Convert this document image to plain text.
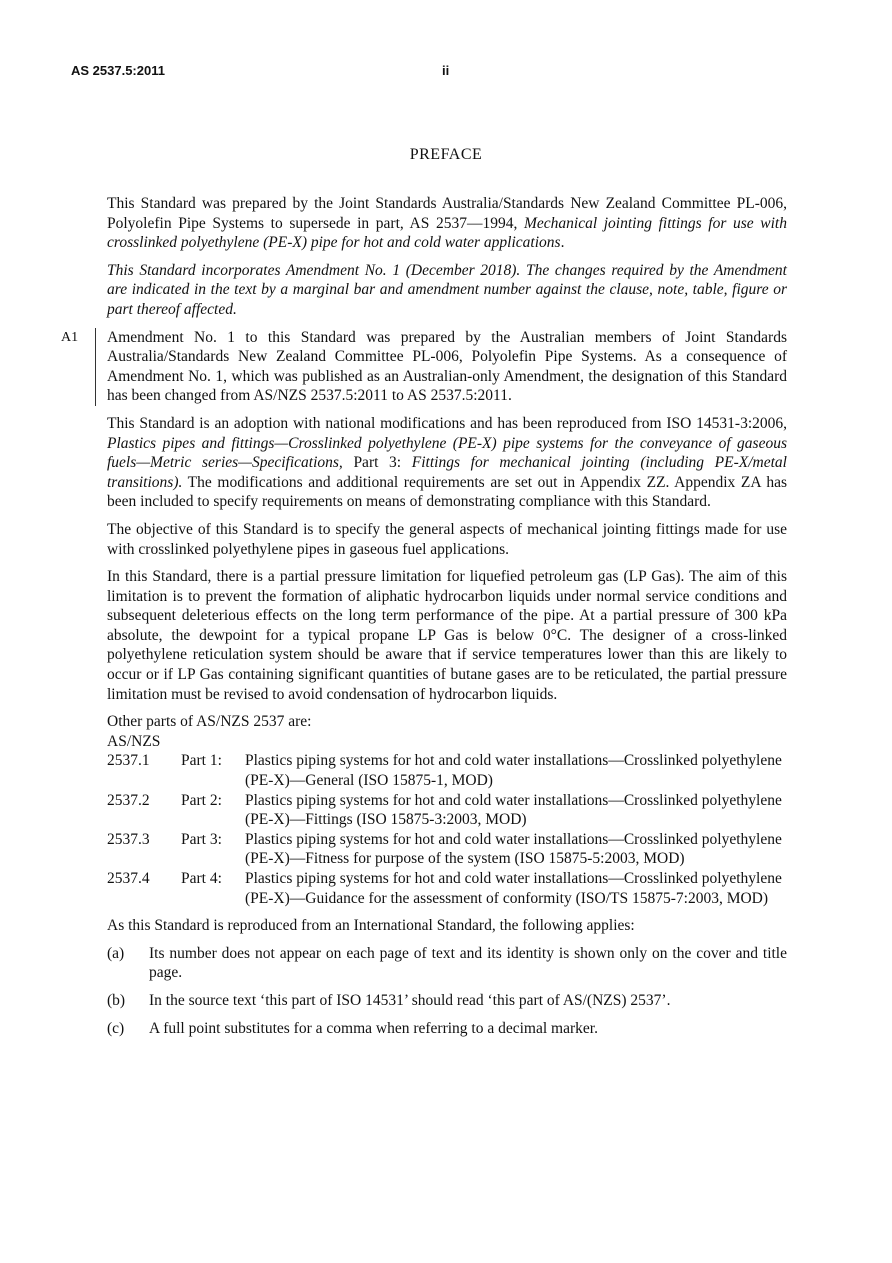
AS 2537.5:2011	ii
PREFACE

This Standard was prepared by the Joint Standards Australia/Standards New Zealand Committee PL-006, Polyolefin Pipe Systems to supersede in part, AS 2537—1994, Mechanical jointing fittings for use with crosslinked polyethylene (PE-X) pipe for hot and cold water applications.

This Standard incorporates Amendment No. 1 (December 2018). The changes required by the Amendment are indicated in the text by a marginal bar and amendment number against the clause, note, table, figure or part thereof affected.

A1 Amendment No. 1 to this Standard was prepared by the Australian members of Joint Standards Australia/Standards New Zealand Committee PL-006, Polyolefin Pipe Systems. As a consequence of Amendment No. 1, which was published as an Australian-only Amendment, the designation of this Standard has been changed from AS/NZS 2537.5:2011 to AS 2537.5:2011.

This Standard is an adoption with national modifications and has been reproduced from ISO 14531-3:2006, Plastics pipes and fittings—Crosslinked polyethylene (PE-X) pipe systems for the conveyance of gaseous fuels—Metric series—Specifications, Part 3: Fittings for mechanical jointing (including PE-X/metal transitions). The modifications and additional requirements are set out in Appendix ZZ. Appendix ZA has been included to specify requirements on means of demonstrating compliance with this Standard.

The objective of this Standard is to specify the general aspects of mechanical jointing fittings made for use with crosslinked polyethylene pipes in gaseous fuel applications.

In this Standard, there is a partial pressure limitation for liquefied petroleum gas (LP Gas). The aim of this limitation is to prevent the formation of aliphatic hydrocarbon liquids under normal service conditions and subsequent deleterious effects on the long term performance of the pipe. At a partial pressure of 300 kPa absolute, the dewpoint for a typical propane LP Gas is below 0°C. The designer of a cross-linked polyethylene reticulation system should be aware that if service temperatures lower than this are likely to occur or if LP Gas containing significant quantities of butane gases are to be reticulated, the partial pressure limitation must be revised to avoid condensation of hydrocarbon liquids.

Other parts of AS/NZS 2537 are:

AS/NZS
2537.1	Part 1:	Plastics piping systems for hot and cold water installations—Crosslinked polyethylene (PE-X)—General (ISO 15875-1, MOD)
2537.2	Part 2:	Plastics piping systems for hot and cold water installations—Crosslinked polyethylene (PE-X)—Fittings (ISO 15875-3:2003, MOD)
2537.3	Part 3:	Plastics piping systems for hot and cold water installations—Crosslinked polyethylene (PE-X)—Fitness for purpose of the system (ISO 15875-5:2003, MOD)
2537.4	Part 4:	Plastics piping systems for hot and cold water installations—Crosslinked polyethylene (PE-X)—Guidance for the assessment of conformity (ISO/TS 15875-7:2003, MOD)

As this Standard is reproduced from an International Standard, the following applies:

(a)	Its number does not appear on each page of text and its identity is shown only on the cover and title page.
(b)	In the source text ‘this part of ISO 14531’ should read ‘this part of AS/(NZS) 2537’.
(c)	A full point substitutes for a comma when referring to a decimal marker.
